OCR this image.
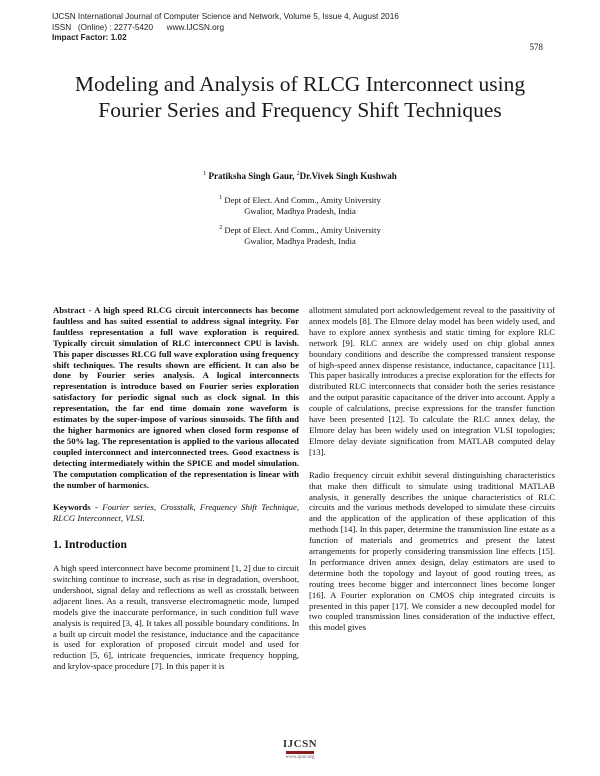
IJCSN International Journal of Computer Science and Network, Volume 5, Issue 4, August 2016
ISSN   (Online) : 2277-5420      www.IJCSN.org
Impact Factor: 1.02
578
Modeling and Analysis of RLCG Interconnect using Fourier Series and Frequency Shift Techniques
$^1$ Pratiksha Singh Gaur, $^2$Dr.Vivek Singh Kushwah
$^1$ Dept of Elect. And Comm., Amity University
Gwalior, Madhya Pradesh, India
$^2$ Dept of Elect. And Comm., Amity University
Gwalior, Madhya Pradesh, India

Abstract - A high speed RLCG circuit interconnects has become faultless and has suited essential to address signal integrity. For faultless representation a full wave exploration is required. Typically circuit simulation of RLC interconnect CPU is lavish. This paper discusses RLCG full wave exploration using frequency shift techniques. The results shown are efficient. It can also be done by Fourier series analysis. A logical interconnects representation is introduce based on Fourier series exploration satisfactory for periodic signal such as clock signal. In this representation, the far end time domain zone waveform is estimates by the super-impose of various sinusoids. The fifth and the higher harmonics are ignored when closed form response of the 50% lag. The representation is applied to the various allocated coupled interconnect and interconnected trees. Good exactness is detecting intermediately within the SPICE and model simulation. The computation complication of the representation is linear with the number of harmonics.

Keywords - Fourier series, Crosstalk, Frequency Shift Technique, RLCG Interconnect, VLSI.

1. Introduction

A high speed interconnect have become prominent [1, 2] due to circuit switching continue to increase, such as rise in degradation, overshoot, undershoot, signal delay and reflections as well as crosstalk between adjacent lines. As a result, transverse electromagnetic mode, lumped models give the inaccurate performance, in such condition full wave analysis is required [3, 4]. It takes all possible boundary conditions. In a built up circuit model the resistance, inductance and the capacitance is used for exploration of proposed circuit model and used for reduction [5, 6], intricate frequencies, intricate frequency hopping, and krylov-space procedure [7]. In this paper it is

allotment simulated port acknowledgement reveal to the passitivity of annex models [8]. The Elmore delay model has been widely used, and have to explore annex synthesis and static timing for explore RLC network [9]. RLC annex are widely used on chip global annex boundary conditions and describe the compressed transient response of high-speed annex dispense resistance, inductance, capacitance [11]. This paper basically introduces a precise exploration for the effects for distributed RLC interconnects that consider both the series resistance and the output parasitic capacitance of the driver into account. Apply a couple of calculations, precise expressions for the transfer function have been presented [12]. To calculate the RLC annex delay, the Elmore delay has been widely used on integration VLSI topologies; Elmore delay deviate signification from MATLAB computed delay [13].

Radio frequency circuit exhibit several distinguishing characteristics that make then difficult to simulate using traditional MATLAB analysis, it generally describes the unique characteristics of RLC circuits and the various methods developed to simulate these circuits and the application of the application of these application of this methods [14]. In this paper, determine the transmission line estate as a function of materials and geometrics and present the latest arrangements for properly considering transmission line effects [15]. In performance driven annex design, delay estimators are used to determine both the topology and layout of good routing trees, as routing trees become bigger and interconnect lines become longer [16]. A Fourier exploration on CMOS chip integrated circuits is presented in this paper [17]. We consider a new decoupled model for two coupled transmission lines consideration of the inductive effect, this model gives

IJCSN
www.ijcsn.org
